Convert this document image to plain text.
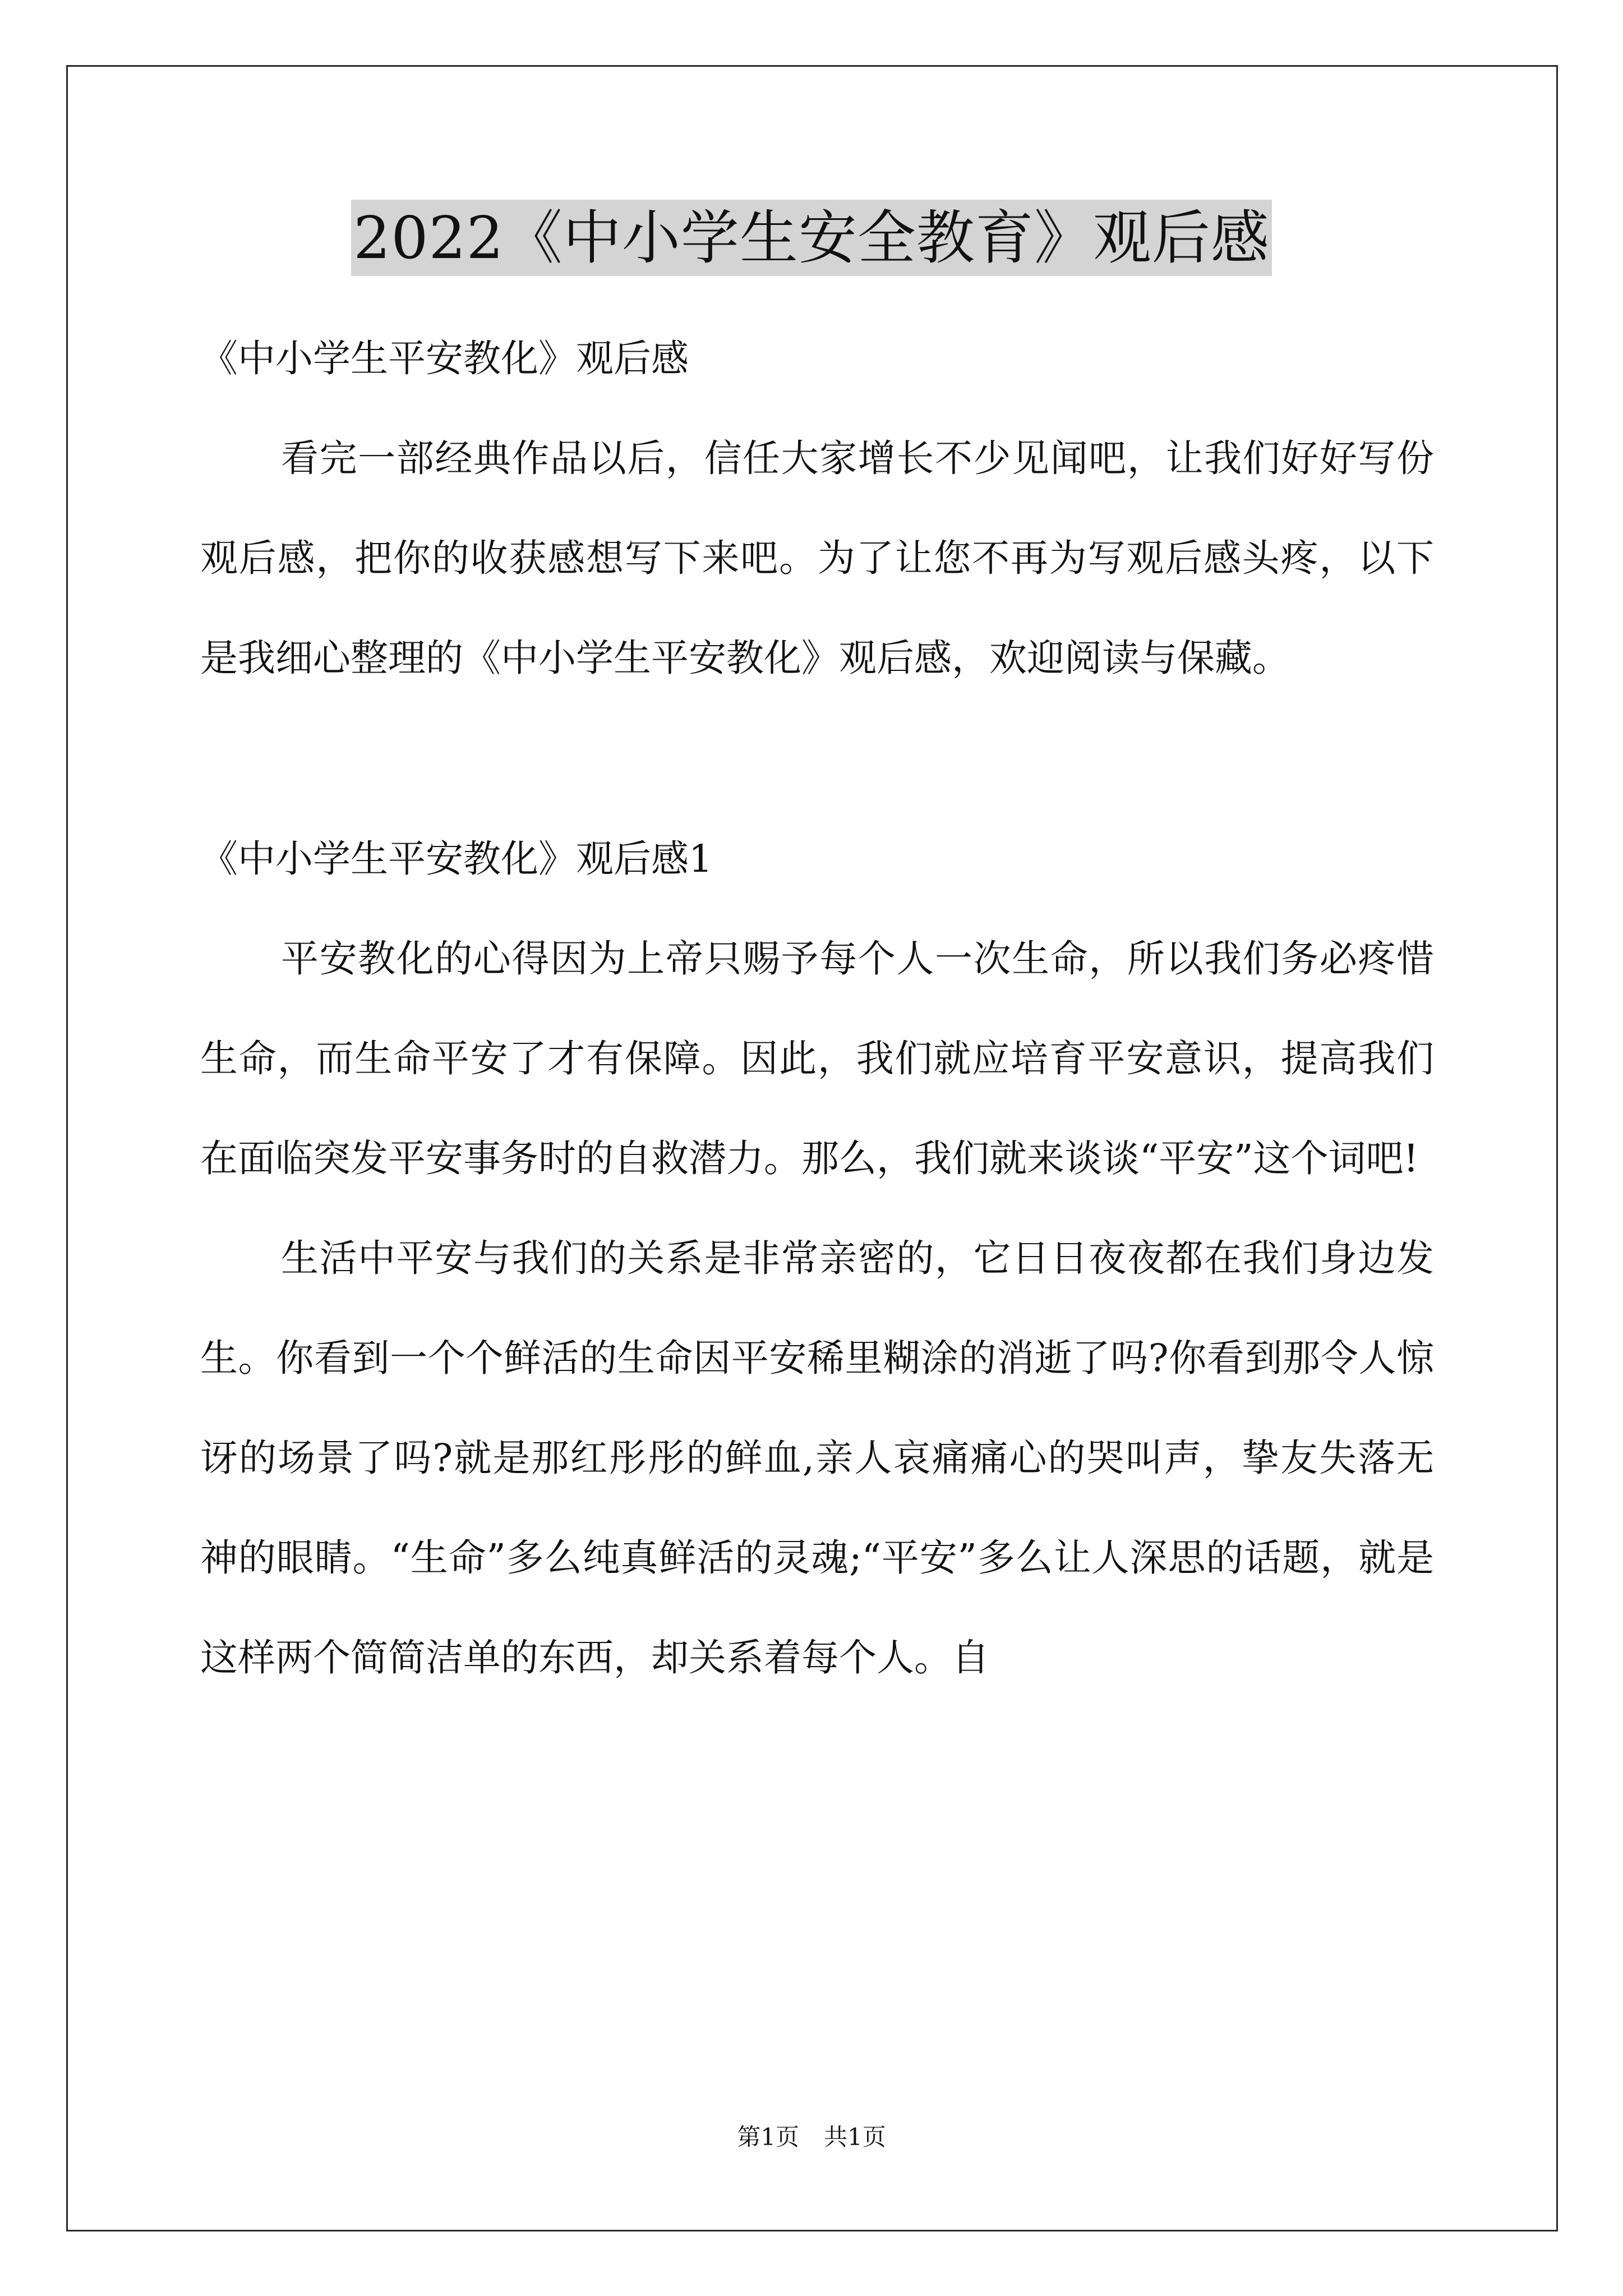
2022《中小学生安全教育》观后感

《中小学生平安教化》观后感

看完一部经典作品以后，信任大家增长不少见闻吧，让我们好好写份观后感，把你的收获感想写下来吧。为了让您不再为写观后感头疼，以下是我细心整理的《中小学生平安教化》观后感，欢迎阅读与保藏。

《中小学生平安教化》观后感1

平安教化的心得因为上帝只赐予每个人一次生命，所以我们务必疼惜生命，而生命平安了才有保障。因此，我们就应培育平安意识，提高我们在面临突发平安事务时的自救潜力。那么，我们就来谈谈“平安”这个词吧!

生活中平安与我们的关系是非常亲密的，它日日夜夜都在我们身边发生。你看到一个个鲜活的生命因平安稀里糊涂的消逝了吗?你看到那令人惊讶的场景了吗?就是那红彤彤的鲜血,亲人哀痛痛心的哭叫声，挚友失落无神的眼睛。“生命”多么纯真鲜活的灵魂;“平安”多么让人深思的话题，就是这样两个简简洁单的东西，却关系着每个人。自

第1页 共1页
